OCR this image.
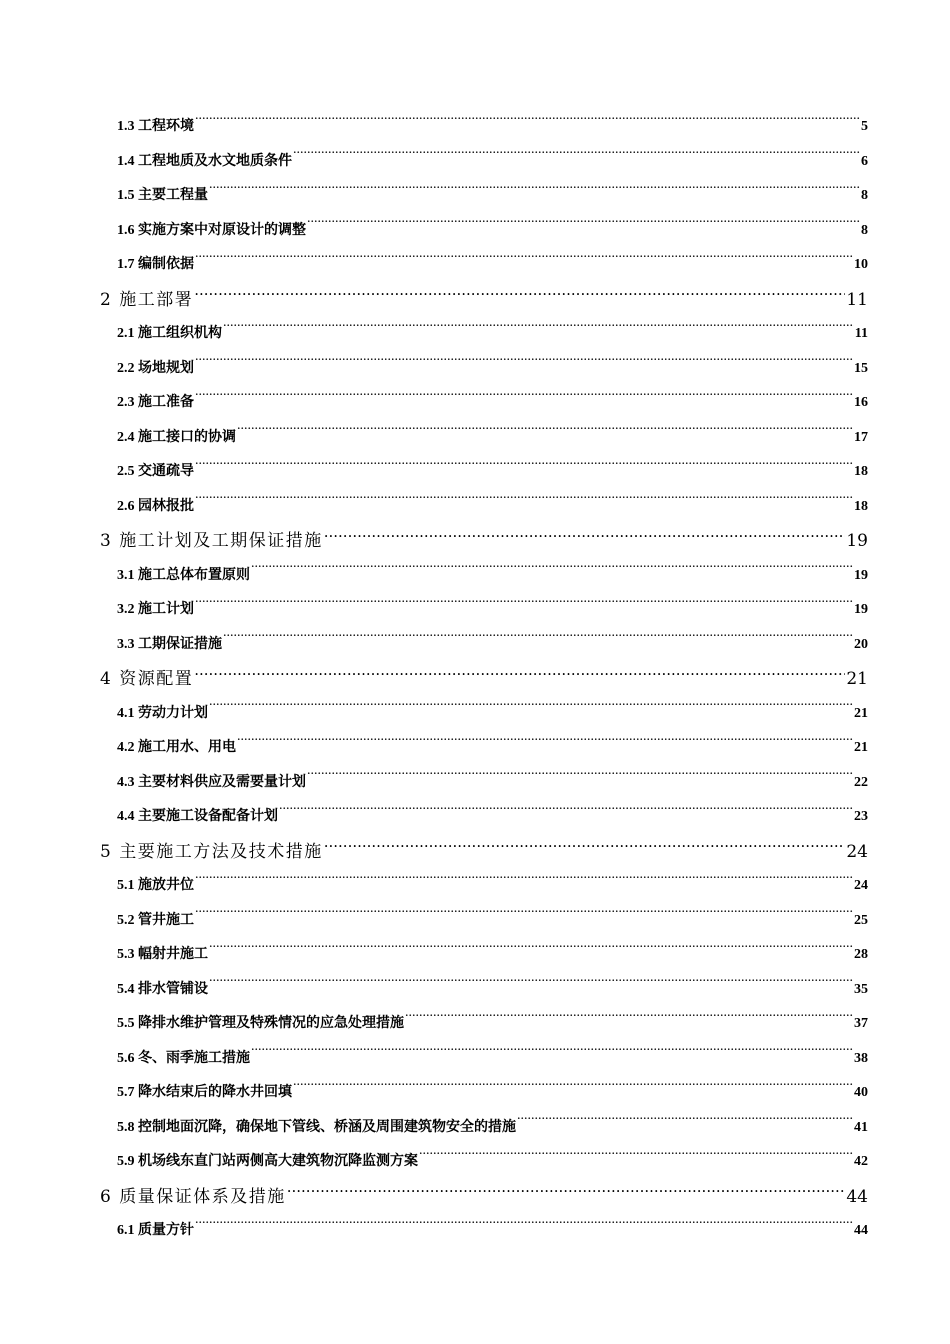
1.3 工程环境 .....	5
1.4 工程地质及水文地质条件 .....	6
1.5 主要工程量 .....	8
1.6 实施方案中对原设计的调整 .....	8
1.7 编制依据 .....	10
2 施工部署 .....	11
2.1 施工组织机构 .....	11
2.2 场地规划 .....	15
2.3 施工准备 .....	16
2.4 施工接口的协调 .....	17
2.5 交通疏导 .....	18
2.6 园林报批 .....	18
3 施工计划及工期保证措施 .....	19
3.1 施工总体布置原则 .....	19
3.2 施工计划 .....	19
3.3 工期保证措施 .....	20
4 资源配置 .....	21
4.1 劳动力计划 .....	21
4.2 施工用水、用电 .....	21
4.3 主要材料供应及需要量计划 .....	22
4.4 主要施工设备配备计划 .....	23
5 主要施工方法及技术措施 .....	24
5.1 施放井位 .....	24
5.2 管井施工 .....	25
5.3 幅射井施工 .....	28
5.4 排水管铺设 .....	35
5.5 降排水维护管理及特殊情况的应急处理措施 .....	37
5.6 冬、雨季施工措施 .....	38
5.7 降水结束后的降水井回填 .....	40
5.8 控制地面沉降，确保地下管线、桥涵及周围建筑物安全的措施 .....	41
5.9 机场线东直门站两侧高大建筑物沉降监测方案 .....	42
6 质量保证体系及措施 .....	44
6.1 质量方针 .....	44
